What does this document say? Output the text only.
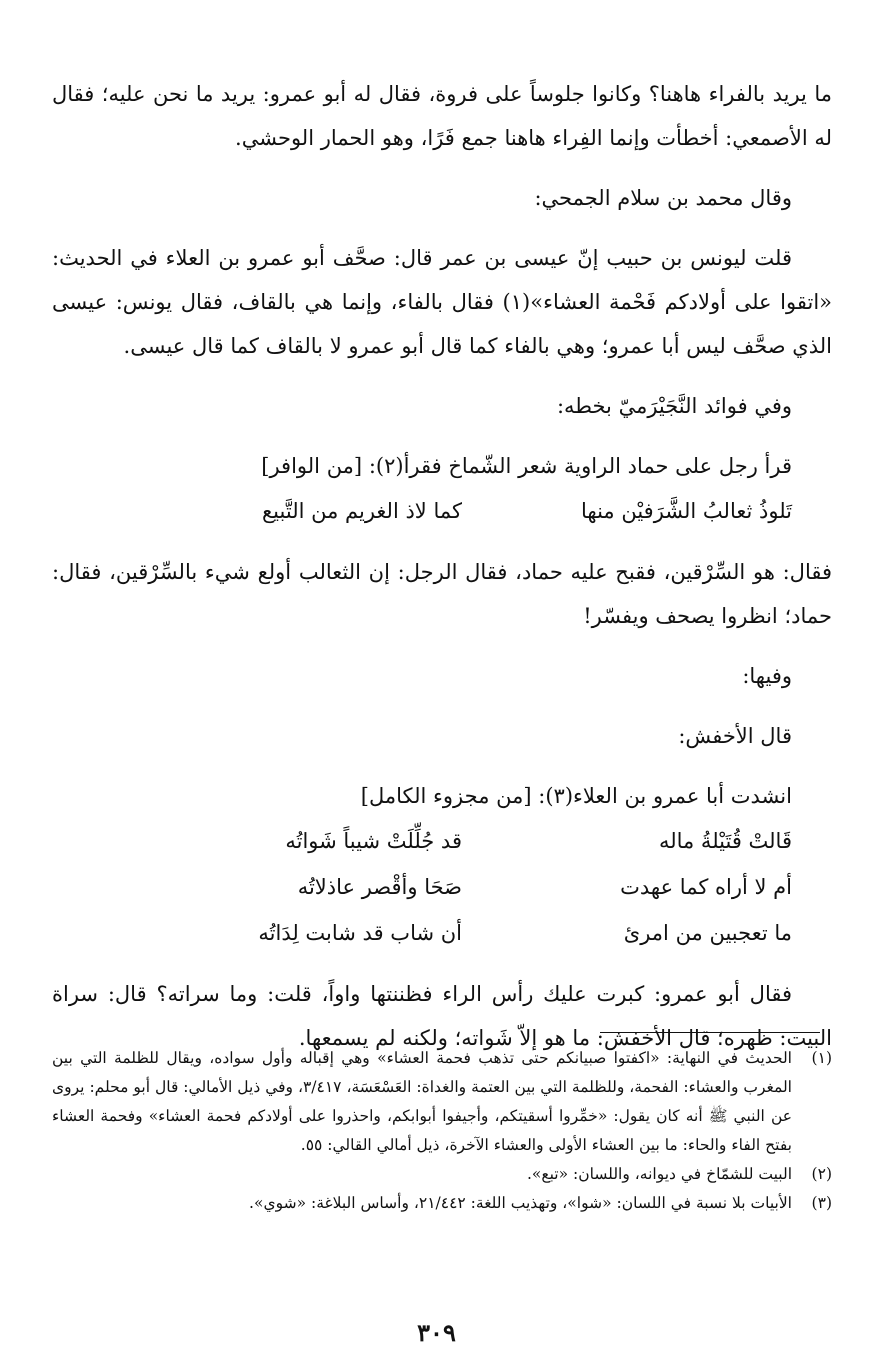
ما يريد بالفراء هاهنا؟ وكانوا جلوساً على فروة، فقال له أبو عمرو: يريد ما نحن عليه؛ فقال له الأصمعي: أخطأت وإنما الفِراء هاهنا جمع فَرًا، وهو الحمار الوحشي.

وقال محمد بن سلام الجمحي:

قلت ليونس بن حبيب إنّ عيسى بن عمر قال: صحَّف أبو عمرو بن العلاء في الحديث: «اتقوا على أولادكم فَحْمة العشاء»(١) فقال بالفاء، وإنما هي بالقاف، فقال يونس: عيسى الذي صحَّف ليس أبا عمرو؛ وهي بالفاء كما قال أبو عمرو لا بالقاف كما قال عيسى.

وفي فوائد النَّجَيْرَميّ بخطه:

قرأ رجل على حماد الراوية شعر الشّماخ فقرأ(٢): [من الوافر]

تَلوذُ ثعالبُ الشَّرَفيْن منها
كما لاذ الغريم من التَّبيع

فقال: هو السِّرْقين، فقبح عليه حماد، فقال الرجل: إن الثعالب أولع شيء بالسِّرْقين، فقال: حماد؛ انظروا يصحف ويفسّر!

وفيها:

قال الأخفش:

انشدت أبا عمرو بن العلاء(٣): [من مجزوء الكامل]

قَالتْ قُتَيْلةُ ماله
قد جُلِّلَتْ شيباً شَواتُه
أم لا أراه كما عهدت
صَحَا وأقْصر عاذلاتُه
ما تعجبين من امرئ
أن شاب قد شابت لِدَاتُه

فقال أبو عمرو: كبرت عليك رأس الراء فظننتها واواً، قلت: وما سراته؟ قال: سراة البيت: ظهره؛ قال الأخفش: ما هو إلاّ شَواته؛ ولكنه لم يسمعها.

(١)
الحديث في النهاية: «اكفتوا صبيانكم حتى تذهب فحمة العشاء» وهي إقباله وأول سواده، ويقال للظلمة التي بين المغرب والعشاء: الفحمة، وللظلمة التي بين العتمة والغداة: العَسْعَسَة، ٣/٤١٧، وفي ذيل الأمالي: قال أبو محلم: يروى عن النبي ﷺ أنه كان يقول: «خمِّروا أسقيتكم، وأجيفوا أبوابكم، واحذروا على أولادكم فحمة العشاء» وفحمة العشاء بفتح الفاء والحاء: ما بين العشاء الأولى والعشاء الآخرة، ذيل أمالي القالي: ٥٥.
(٢)
البيت للشمّاخ في ديوانه، واللسان: «تبع».
(٣)
الأبيات بلا نسبة في اللسان: «شوا»، وتهذيب اللغة: ٢١/٤٤٢، وأساس البلاغة: «شوي».
٣٠٩
